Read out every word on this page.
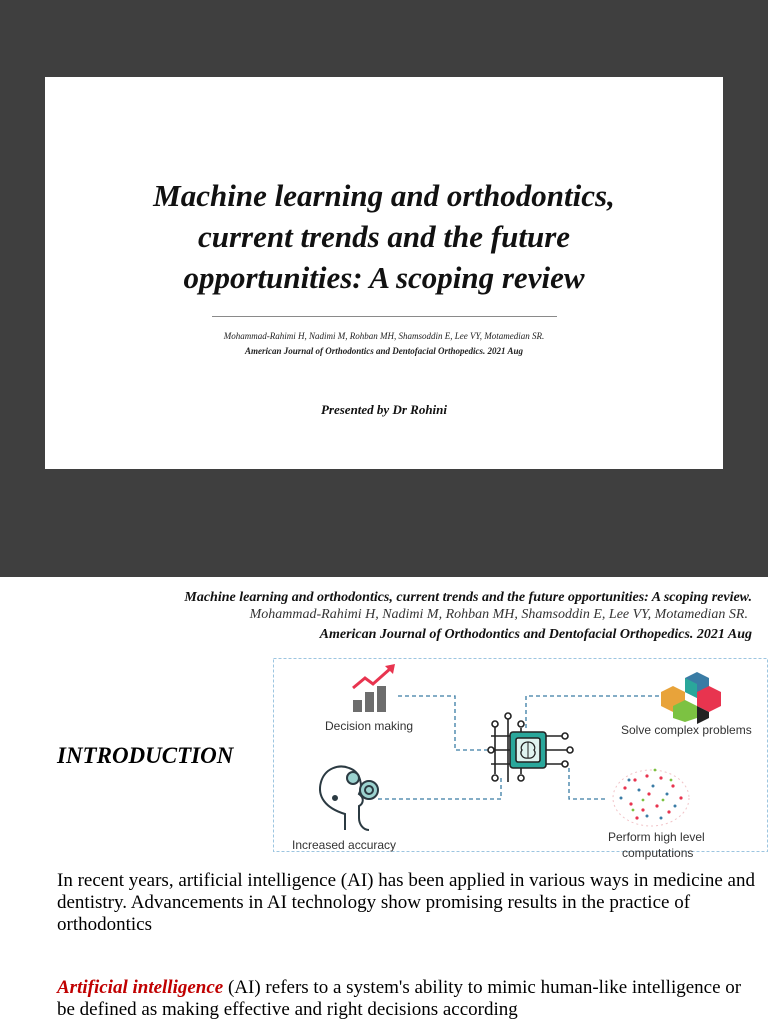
Machine learning and orthodontics,
current trends and the future
opportunities: A scoping review
Mohammad-Rahimi H, Nadimi M, Rohban MH, Shamsoddin E, Lee VY, Motamedian SR.
American Journal of Orthodontics and Dentofacial Orthopedics. 2021 Aug
Presented by Dr Rohini
Machine learning and orthodontics, current trends and the future opportunities: A scoping review.
Mohammad-Rahimi H, Nadimi M, Rohban MH, Shamsoddin E, Lee VY, Motamedian SR.
American Journal of Orthodontics and Dentofacial Orthopedics. 2021 Aug
INTRODUCTION
Decision making	Solve complex problems
Increased accuracy
Perform high level
computations
In recent years, artificial intelligence (AI) has been applied in various ways in medicine and dentistry. Advancements in AI technology show promising results in the practice of orthodontics
Artificial intelligence (AI) refers to a system's ability to mimic human-like intelligence or be defined as making effective and right decisions according
